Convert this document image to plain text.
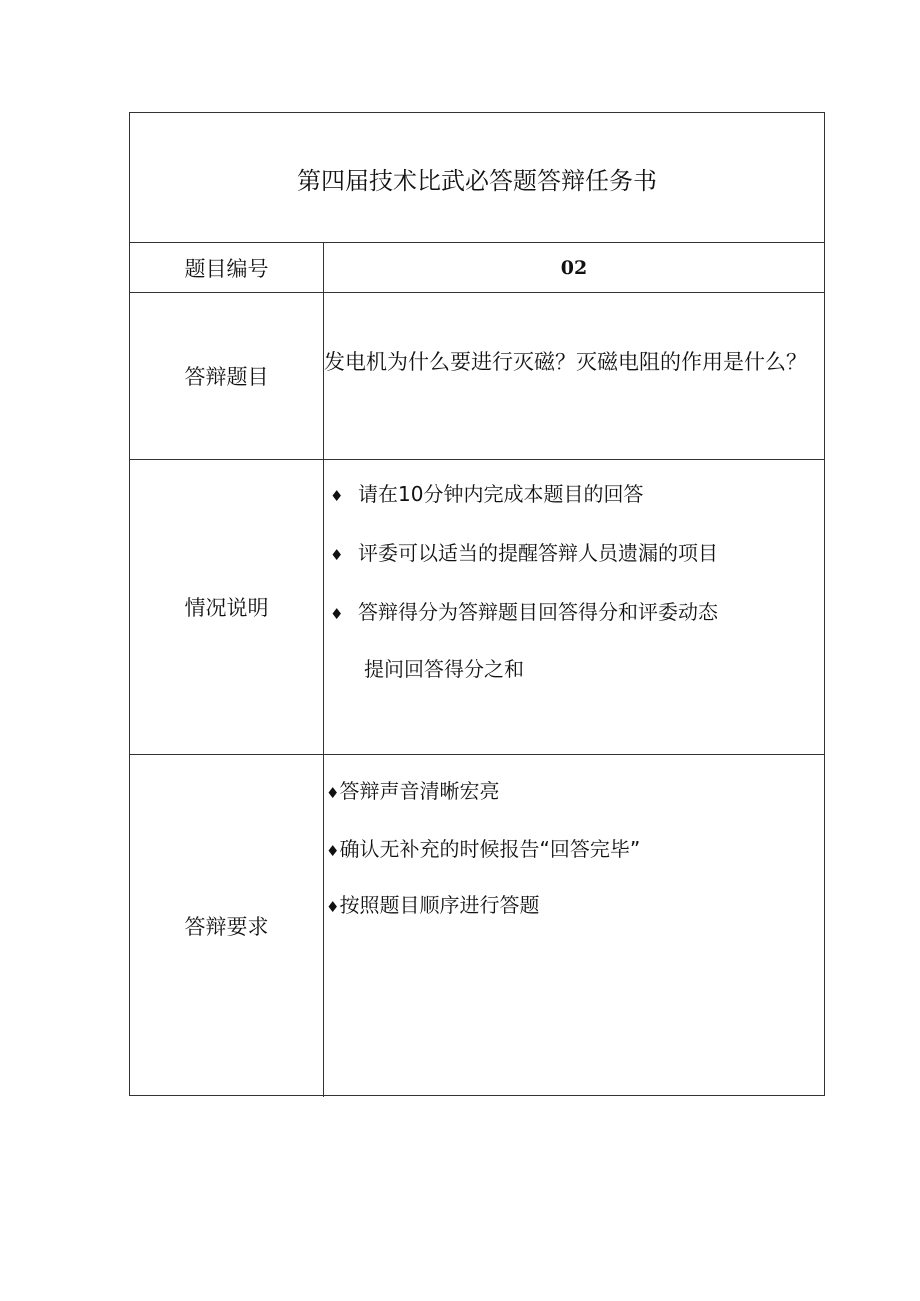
第四届技术比武必答题答辩任务书
题目编号	02
答辩题目
发电机为什么要进行灭磁？灭磁电阻的作用是什么？
情况说明
♦ 请在10分钟内完成本题目的回答
♦ 评委可以适当的提醒答辩人员遗漏的项目
♦ 答辩得分为答辩题目回答得分和评委动态
提问回答得分之和
答辩要求
♦答辩声音清晰宏亮
♦确认无补充的时候报告“回答完毕”
♦按照题目顺序进行答题
